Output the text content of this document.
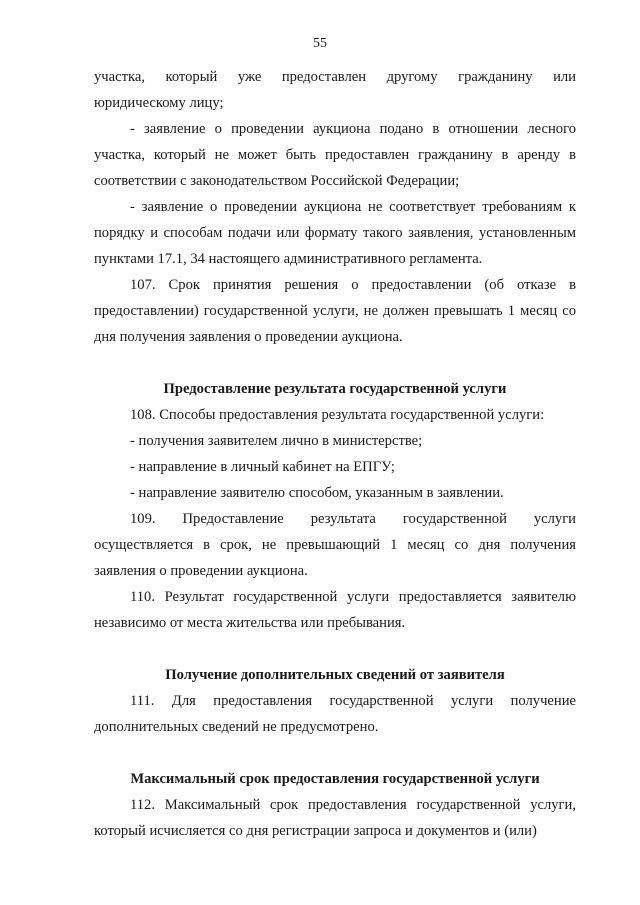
55

участка, который уже предоставлен другому гражданину или

юридическому лицу;

- заявление о проведении аукциона подано в отношении лесного участка, который не может быть предоставлен гражданину в аренду в соответствии с законодательством Российской Федерации;

- заявление о проведении аукциона не соответствует требованиям к порядку и способам подачи или формату такого заявления, установленным пунктами 17.1, 34 настоящего административного регламента.

107. Срок принятия решения о предоставлении (об отказе в предоставлении) государственной услуги, не должен превышать 1 месяц со дня получения заявления о проведении аукциона.

Предоставление результата государственной услуги

108. Способы предоставления результата государственной услуги:

- получения заявителем лично в министерстве;

- направление в личный кабинет на ЕПГУ;

- направление заявителю способом, указанным в заявлении.

109. Предоставление результата государственной услуги осуществляется в срок, не превышающий 1 месяц со дня получения заявления о проведении аукциона.

110. Результат государственной услуги предоставляется заявителю независимо от места жительства или пребывания.

Получение дополнительных сведений от заявителя

111. Для предоставления государственной услуги получение дополнительных сведений не предусмотрено.

Максимальный срок предоставления государственной услуги

112. Максимальный срок предоставления государственной услуги, который исчисляется со дня регистрации запроса и документов и (или)
